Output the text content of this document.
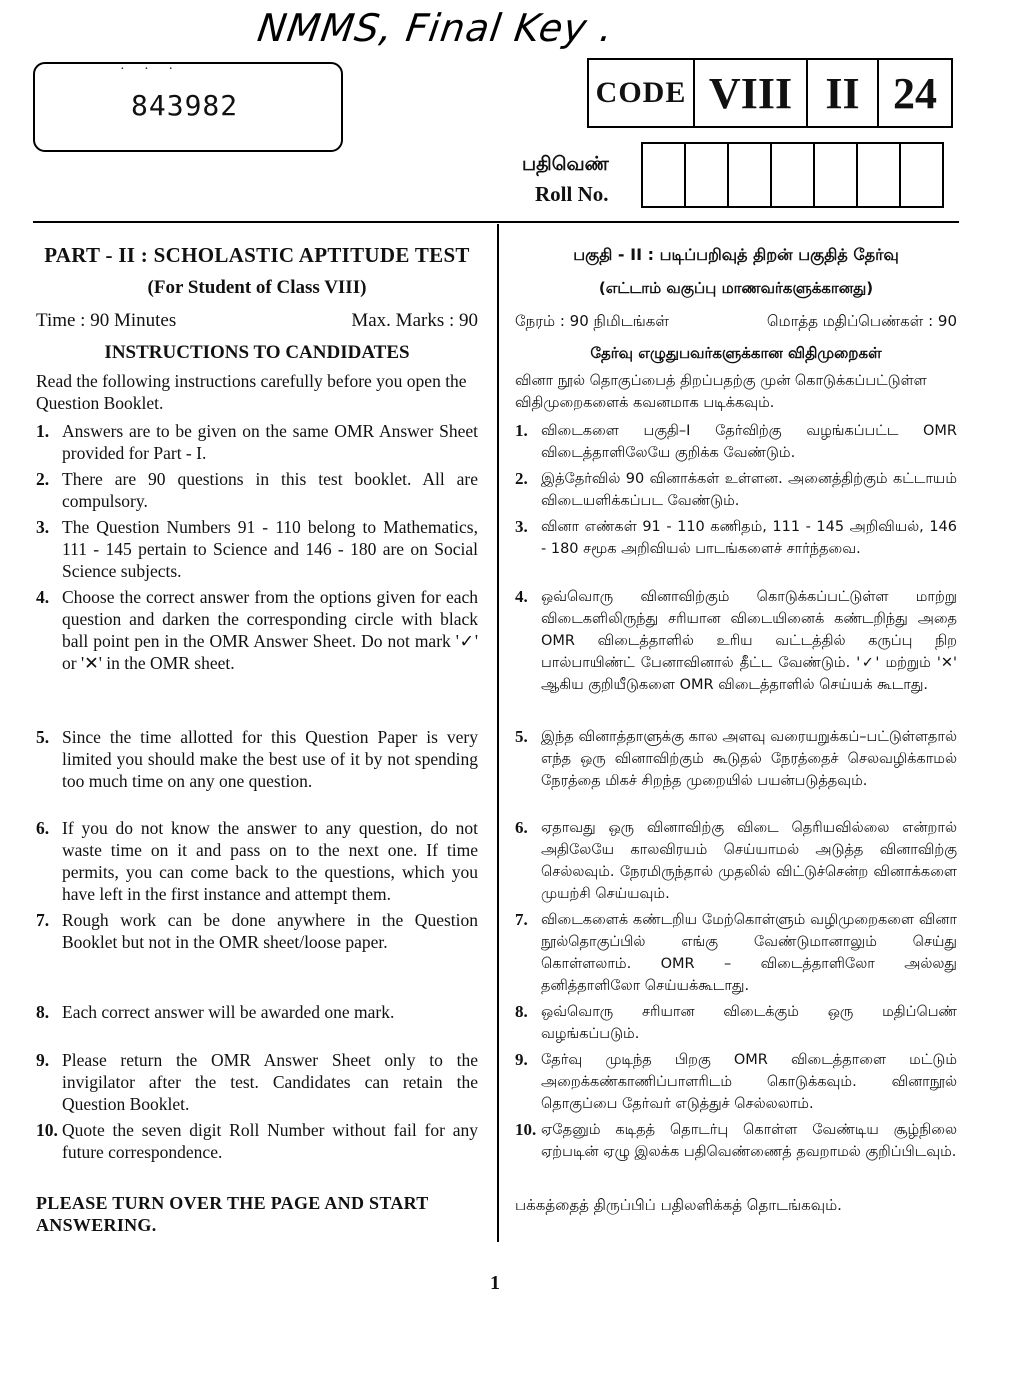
NMMS, Final Key .
· · ·
843982	CODE	VIII	II	24
பதிவெண்
Roll No.

PART - II : SCHOLASTIC APTITUDE TEST
(For Student of Class VIII)
Time : 90 Minutes	Max. Marks : 90
INSTRUCTIONS TO CANDIDATES
Read the following instructions carefully before you open the Question Booklet.
1. Answers are to be given on the same OMR Answer Sheet provided for Part - I.
2. There are 90 questions in this test booklet. All are compulsory.
3. The Question Numbers 91 - 110 belong to Mathematics, 111 - 145 pertain to Science and 146 - 180 are on Social Science subjects.
4. Choose the correct answer from the options given for each question and darken the corresponding circle with black ball point pen in the OMR Answer Sheet. Do not mark '✓' or '✕' in the OMR sheet.
5. Since the time allotted for this Question Paper is very limited you should make the best use of it by not spending too much time on any one question.
6. If you do not know the answer to any question, do not waste time on it and pass on to the next one. If time permits, you can come back to the questions, which you have left in the first instance and attempt them.
7. Rough work can be done anywhere in the Question Booklet but not in the OMR sheet/loose paper.
8. Each correct answer will be awarded one mark.
9. Please return the OMR Answer Sheet only to the invigilator after the test. Candidates can retain the Question Booklet.
10. Quote the seven digit Roll Number without fail for any future correspondence.
PLEASE TURN OVER THE PAGE AND START ANSWERING.
பகுதி - II : படிப்பறிவுத் திறன் பகுதித் தேர்வு
(எட்டாம் வகுப்பு மாணவர்களுக்கானது)
நேரம் : 90 நிமிடங்கள்	மொத்த மதிப்பெண்கள் : 90
தேர்வு எழுதுபவர்களுக்கான விதிமுறைகள்
வினா நூல் தொகுப்பைத் திறப்பதற்கு முன் கொடுக்கப்பட்டுள்ள விதிமுறைகளைக் கவனமாக படிக்கவும்.
1. விடைகளை பகுதி–I தேர்விற்கு வழங்கப்பட்ட OMR விடைத்தாளிலேயே குறிக்க வேண்டும்.
2. இத்தேர்வில் 90 வினாக்கள் உள்ளன. அனைத்திற்கும் கட்டாயம் விடையளிக்கப்பட வேண்டும்.
3. வினா எண்கள் 91 - 110 கணிதம், 111 - 145 அறிவியல், 146 - 180 சமூக அறிவியல் பாடங்களைச் சார்ந்தவை.
4. ஒவ்வொரு வினாவிற்கும் கொடுக்கப்பட்டுள்ள மாற்று விடைகளிலிருந்து சரியான விடையினைக் கண்டறிந்து அதை OMR விடைத்தாளில் உரிய வட்டத்தில் கருப்பு நிற பால்பாயிண்ட் பேனாவினால் தீட்ட வேண்டும். '✓' மற்றும் '✕' ஆகிய குறியீடுகளை OMR விடைத்தாளில் செய்யக் கூடாது.
5. இந்த வினாத்தாளுக்கு கால அளவு வரையறுக்கப்–பட்டுள்ளதால் எந்த ஒரு வினாவிற்கும் கூடுதல் நேரத்தைச் செலவழிக்காமல் நேரத்தை மிகச் சிறந்த முறையில் பயன்படுத்தவும்.
6. ஏதாவது ஒரு வினாவிற்கு விடை தெரியவில்லை என்றால் அதிலேயே காலவிரயம் செய்யாமல் அடுத்த வினாவிற்கு செல்லவும். நேரமிருந்தால் முதலில் விட்டுச்சென்ற வினாக்களை முயற்சி செய்யவும்.
7. விடைகளைக் கண்டறிய மேற்கொள்ளும் வழிமுறைகளை வினா நூல்தொகுப்பில் எங்கு வேண்டுமானாலும் செய்து கொள்ளலாம். OMR – விடைத்தாளிலோ அல்லது தனித்தாளிலோ செய்யக்கூடாது.
8. ஒவ்வொரு சரியான விடைக்கும் ஒரு மதிப்பெண் வழங்கப்படும்.
9. தேர்வு முடிந்த பிறகு OMR விடைத்தாளை மட்டும் அறைக்கண்காணிப்பாளரிடம் கொடுக்கவும். வினாநூல் தொகுப்பை தேர்வர் எடுத்துச் செல்லலாம்.
10. ஏதேனும் கடிதத் தொடர்பு கொள்ள வேண்டிய சூழ்நிலை ஏற்படின் ஏழு இலக்க பதிவெண்ணைத் தவறாமல் குறிப்பிடவும்.
பக்கத்தைத் திருப்பிப் பதிலளிக்கத் தொடங்கவும்.
1
